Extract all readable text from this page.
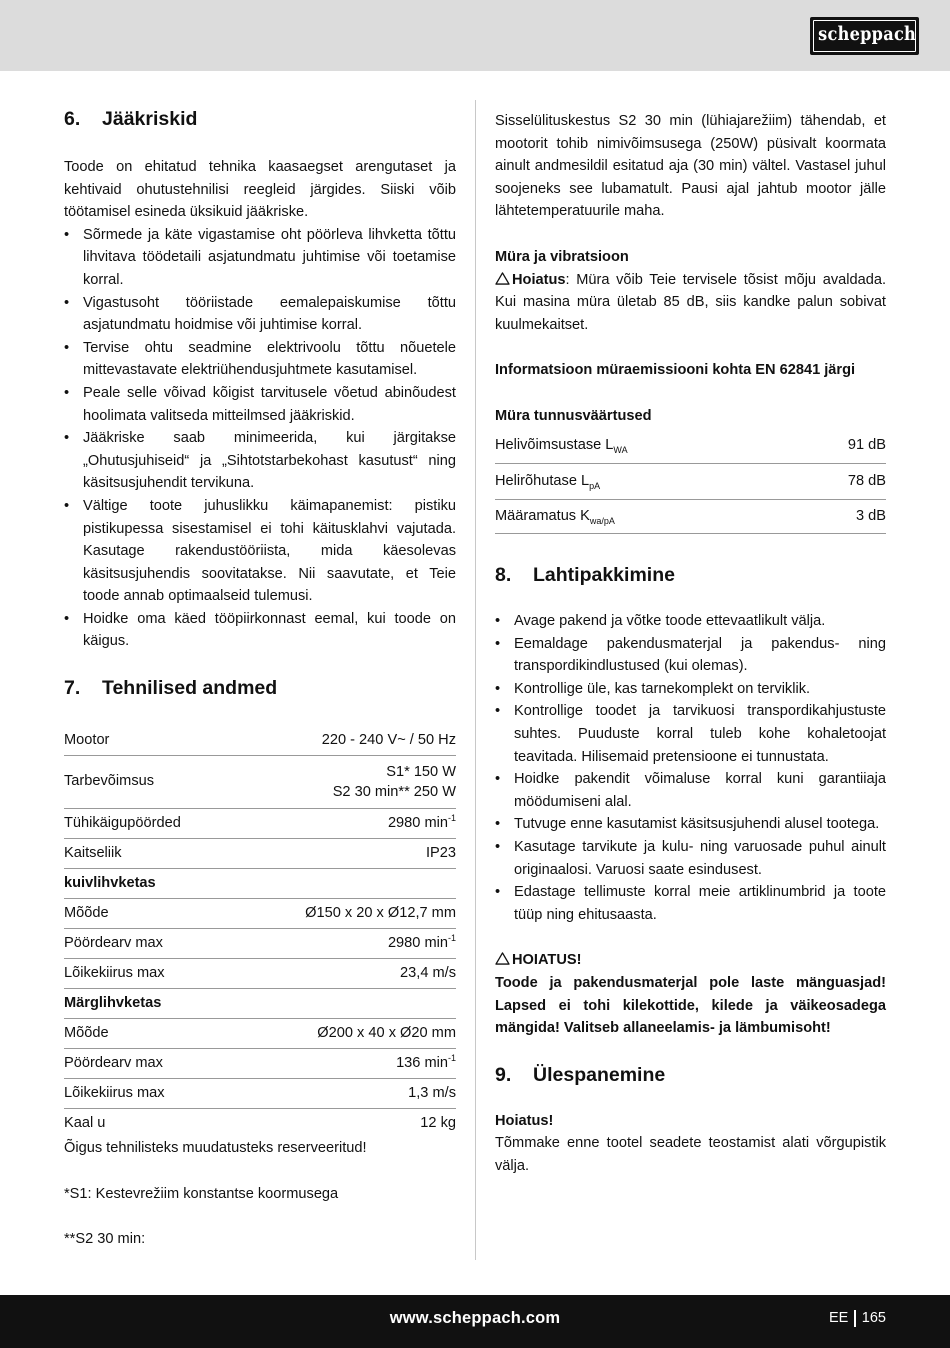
scheppach
6.	Jääkriskid

Toode on ehitatud tehnika kaasaegset arengutaset ja kehtivaid ohutustehnilisi reegleid järgides. Siiski võib töötamisel esineda üksikuid jääkriske.

• Sõrmede ja käte vigastamise oht pöörleva lihvketta tõttu lihvitava töödetaili asjatundmatu juhtimise või toetamise korral.
• Vigastusoht tööriistade eemalepaiskumise tõttu asjatundmatu hoidmise või juhtimise korral.
• Tervise ohtu seadmine elektrivoolu tõttu nõuetele mittevastavate elektriühendusjuhtmete kasutamisel.
• Peale selle võivad kõigist tarvitusele võetud abinõudest hoolimata valitseda mitteilmsed jääkriskid.
• Jääkriske saab minimeerida, kui järgitakse „Ohutusjuhiseid“ ja „Sihtotstarbekohast kasutust“ ning käsitsusjuhendit tervikuna.
• Vältige toote juhuslikku käimapanemist: pistiku pistikupessa sisestamisel ei tohi käitusklahvi vajutada. Kasutage rakendustööriista, mida käesolevas käsitsusjuhendis soovitatakse. Nii saavutate, et Teie toode annab optimaalseid tulemusi.
• Hoidke oma käed tööpiirkonnast eemal, kui toode on käigus.
7.	Tehnilised andmed
Mootor	220 - 240 V~ / 50 Hz
Tarbevõimsus	S1* 150 W
S2 30 min** 250 W

Tühikäigupöörded	2980 $\min^{-1}$
Kaitseliik	IP23
kuivlihvketas	
Mõõde	Ø150 x 20 x Ø12,7 mm
Pöördearv max	2980 $\min^{-1}$
Lõikekiirus max	23,4 m/s
Märglihvketas	
Mõõde	Ø200 x 40 x Ø20 mm
Pöördearv max	136 $\min^{-1}$
Lõikekiirus max	1,3 m/s
Kaal u	12 kg

Õigus tehnilisteks muudatusteks reserveeritud!

*S1: Kestevrežiim konstantse koormusega

**S2 30 min:

Sisselülituskestus S2 30 min (lühiajarežiim) tähendab, et mootorit tohib nimivõimsusega (250W) püsivalt koormata ainult andmesildil esitatud aja (30 min) vältel. Vastasel juhul soojeneks see lubamatult. Pausi ajal jahtub mootor jälle lähtetemperatuurile maha.

Müra ja vibratsioon

Hoiatus: Müra võib Teie tervisele tõsist mõju avaldada. Kui masina müra ületab 85 dB, siis kandke palun sobivat kuulmekaitset.

Informatsioon müraemissiooni kohta EN 62841 järgi

Müra tunnusväärtused

Helivõimsustase $L_{WA}$	91 dB
Helirõhutase $L_{pA}$	78 dB
Määramatus $K_{wa/pA}$	3 dB
8.	Lahtipakkimine
• Avage pakend ja võtke toode ettevaatlikult välja.
• Eemaldage pakendusmaterjal ja pakendus- ning transpordikindlustused (kui olemas).
• Kontrollige üle, kas tarnekomplekt on terviklik.
• Kontrollige toodet ja tarvikuosi transpordikahjustuste suhtes. Puuduste korral tuleb kohe kohaletoojat teavitada. Hilisemaid pretensioone ei tunnustata.
• Hoidke pakendit võimaluse korral kuni garantiiaja möödumiseni alal.
• Tutvuge enne kasutamist käsitsusjuhendi alusel tootega.
• Kasutage tarvikute ja kulu- ning varuosade puhul ainult originaalosi. Varuosi saate esindusest.
• Edastage tellimuste korral meie artiklinumbrid ja toote tüüp ning ehitusaasta.

HOIATUS!

Toode ja pakendusmaterjal pole laste mänguasjad! Lapsed ei tohi kilekottide, kilede ja väikeosadega mängida! Valitseb allaneelamis- ja lämbumisoht!

9.	Ülespanemine

Hoiatus!

Tõmmake enne tootel seadete teostamist alati võrgupistik välja.

www.scheppach.com	EE 165
